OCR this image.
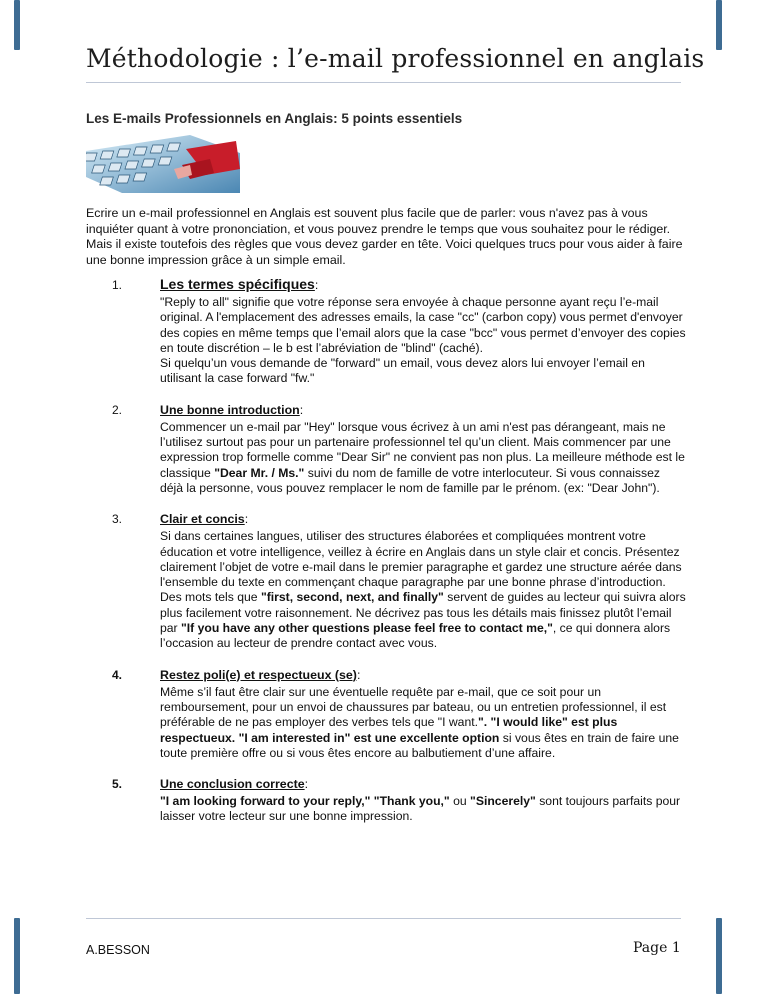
Méthodologie : l’e-mail professionnel en anglais
Les E-mails Professionnels en Anglais: 5 points essentiels
Ecrire un e-mail professionnel en Anglais est souvent plus facile que de parler: vous n'avez pas à vous inquiéter quant à votre prononciation, et vous pouvez prendre le temps que vous souhaitez pour le rédiger. Mais il existe toutefois des règles que vous devez garder en tête. Voici quelques trucs pour vous aider à faire une bonne impression grâce à un simple email.
1.	Les termes spécifiques:

"Reply to all" signifie que votre réponse sera envoyée à chaque personne ayant reçu l’e-mail original. A l'emplacement des adresses emails, la case "cc" (carbon copy) vous permet d'envoyer des copies en même temps que l’email alors que la case "bcc" vous permet d’envoyer des copies en toute discrétion – le b est l’abréviation de "blind" (caché).

Si quelqu’un vous demande de "forward" un email, vous devez alors lui envoyer l’email en utilisant la case forward "fw."

2.	Une bonne introduction:
Commencer un e-mail par "Hey" lorsque vous écrivez à un ami n'est pas dérangeant, mais ne l’utilisez surtout pas pour un partenaire professionnel tel qu’un client. Mais commencer par une expression trop formelle comme "Dear Sir" ne convient pas non plus. La meilleure méthode est le classique "Dear Mr. / Ms." suivi du nom de famille de votre interlocuteur. Si vous connaissez déjà la personne, vous pouvez remplacer le nom de famille par le prénom. (ex: "Dear John").
3.	Clair et concis:
Si dans certaines langues, utiliser des structures élaborées et compliquées montrent votre éducation et votre intelligence, veillez à écrire en Anglais dans un style clair et concis. Présentez clairement l’objet de votre e-mail dans le premier paragraphe et gardez une structure aérée dans l'ensemble du texte en commençant chaque paragraphe par une bonne phrase d’introduction. Des mots tels que "first, second, next, and finally" servent de guides au lecteur qui suivra alors plus facilement votre raisonnement. Ne décrivez pas tous les détails mais finissez plutôt l’email par "If you have any other questions please feel free to contact me,", ce qui donnera alors l’occasion au lecteur de prendre contact avec vous.
4.	Restez poli(e) et respectueux (se):
Même s’il faut être clair sur une éventuelle requête par e-mail, que ce soit pour un remboursement, pour un envoi de chaussures par bateau, ou un entretien professionnel, il est préférable de ne pas employer des verbes tels que "I want.". "I would like" est plus respectueux. "I am interested in" est une excellente option si vous êtes en train de faire une toute première offre ou si vous êtes encore au balbutiement d’une affaire.
5.	Une conclusion correcte:
"I am looking forward to your reply," "Thank you," ou "Sincerely" sont toujours parfaits pour laisser votre lecteur sur une bonne impression.
A.BESSON	Page 1
